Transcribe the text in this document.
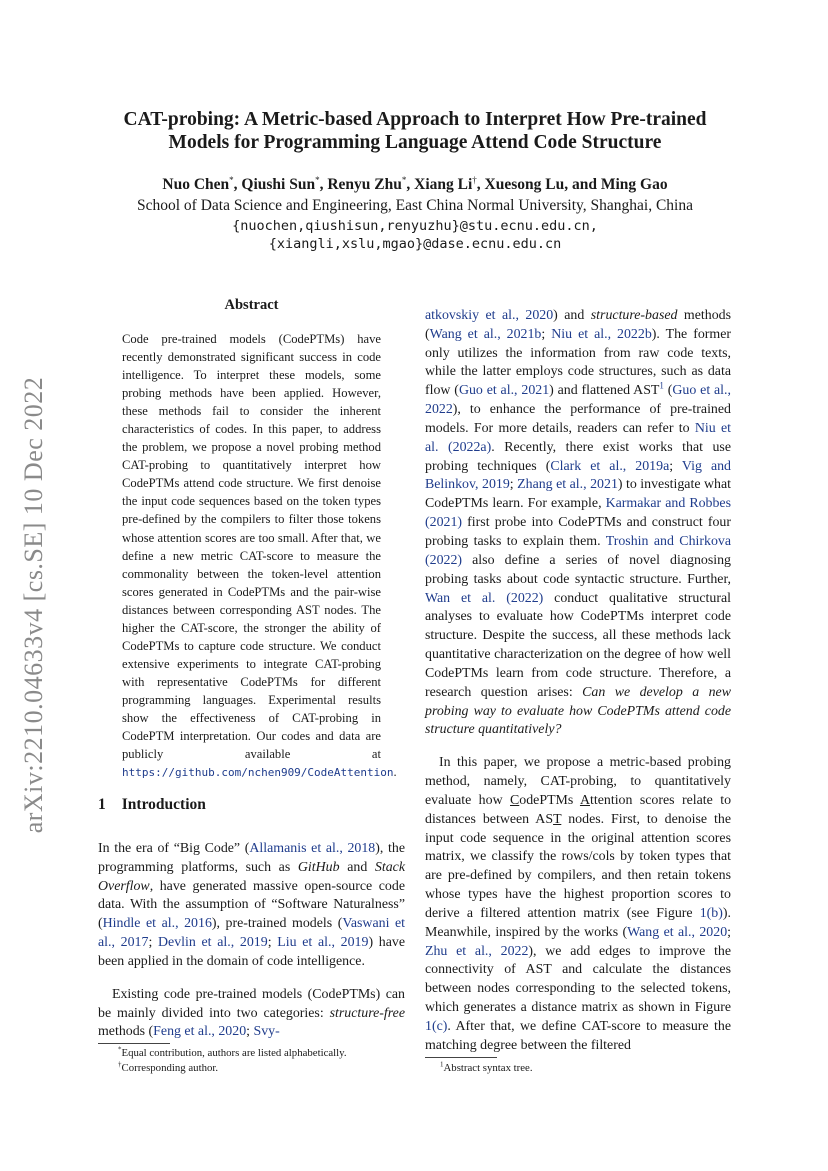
arXiv:2210.04633v4 [cs.SE] 10 Dec 2022
CAT-probing: A Metric-based Approach to Interpret How Pre-trained
Models for Programming Language Attend Code Structure
Nuo Chen*, Qiushi Sun*, Renyu Zhu*, Xiang Li†, Xuesong Lu, and Ming Gao
School of Data Science and Engineering, East China Normal University, Shanghai, China
{nuochen,qiushisun,renyuzhu}@stu.ecnu.edu.cn,
{xiangli,xslu,mgao}@dase.ecnu.edu.cn
Abstract
Code pre-trained models (CodePTMs) have recently demonstrated significant success in code intelligence. To interpret these models, some probing methods have been applied. However, these methods fail to consider the inherent characteristics of codes. In this paper, to address the problem, we propose a novel probing method CAT-probing to quantitatively interpret how CodePTMs attend code structure. We first denoise the input code sequences based on the token types pre-defined by the compilers to filter those tokens whose attention scores are too small. After that, we define a new metric CAT-score to measure the commonality between the token-level attention scores generated in CodePTMs and the pair-wise distances between corresponding AST nodes. The higher the CAT-score, the stronger the ability of CodePTMs to capture code structure. We conduct extensive experiments to integrate CAT-probing with representative CodePTMs for different programming languages. Experimental results show the effectiveness of CAT-probing in CodePTM interpretation. Our codes and data are publicly available at https://github.com/nchen909/CodeAttention.
1 Introduction

In the era of “Big Code” (Allamanis et al., 2018), the programming platforms, such as GitHub and Stack Overflow, have generated massive open-source code data. With the assumption of “Software Naturalness” (Hindle et al., 2016), pre-trained models (Vaswani et al., 2017; Devlin et al., 2019; Liu et al., 2019) have been applied in the domain of code intelligence.

Existing code pre-trained models (CodePTMs) can be mainly divided into two categories: structure-free methods (Feng et al., 2020; Svy-

atkovskiy et al., 2020) and structure-based methods (Wang et al., 2021b; Niu et al., 2022b). The former only utilizes the information from raw code texts, while the latter employs code structures, such as data flow (Guo et al., 2021) and flattened AST$^1$ (Guo et al., 2022), to enhance the performance of pre-trained models. For more details, readers can refer to Niu et al. (2022a). Recently, there exist works that use probing techniques (Clark et al., 2019a; Vig and Belinkov, 2019; Zhang et al., 2021) to investigate what CodePTMs learn. For example, Karmakar and Robbes (2021) first probe into CodePTMs and construct four probing tasks to explain them. Troshin and Chirkova (2022) also define a series of novel diagnosing probing tasks about code syntactic structure. Further, Wan et al. (2022) conduct qualitative structural analyses to evaluate how CodePTMs interpret code structure. Despite the success, all these methods lack quantitative characterization on the degree of how well CodePTMs learn from code structure. Therefore, a research question arises: Can we develop a new probing way to evaluate how CodePTMs attend code structure quantitatively?

In this paper, we propose a metric-based probing method, namely, CAT-probing, to quantitatively evaluate how CodePTMs Attention scores relate to distances between AST nodes. First, to denoise the input code sequence in the original attention scores matrix, we classify the rows/cols by token types that are pre-defined by compilers, and then retain tokens whose types have the highest proportion scores to derive a filtered attention matrix (see Figure 1(b)). Meanwhile, inspired by the works (Wang et al., 2020; Zhu et al., 2022), we add edges to improve the connectivity of AST and calculate the distances between nodes corresponding to the selected tokens, which generates a distance matrix as shown in Figure 1(c). After that, we define CAT-score to measure the matching degree between the filtered

*Equal contribution, authors are listed alphabetically.
†Corresponding author.	$^1$Abstract syntax tree.
